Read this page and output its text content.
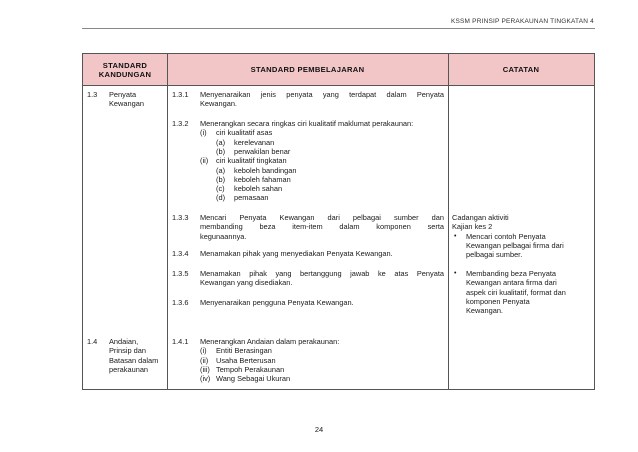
KSSM PRINSIP PERAKAUNAN TINGKATAN 4
STANDARD
KANDUNGAN
STANDARD PEMBELAJARAN	CATATAN
1.3 Penyata
Kewangan
1.4 Andaian,
Prinsip dan
Batasan dalam
perakaunan
1.3.1 Menyenaraikan jenis penyata yang terdapat dalam Penyata
Kewangan.
1.3.2 Menerangkan secara ringkas ciri kualitatif maklumat perakaunan:
(i) ciri kualitatif asas
(a) kerelevanan
(b) perwakilan benar
(ii) ciri kualitatif tingkatan
(a) keboleh bandingan
(b) keboleh fahaman
(c) keboleh sahan
(d) pemasaan
1.3.3 Mencari Penyata Kewangan dari pelbagai sumber dan
membanding beza item-item dalam komponen serta
kegunaannya.
1.3.4 Menamakan pihak yang menyediakan Penyata Kewangan.
1.3.5 Menamakan pihak yang bertanggung jawab ke atas Penyata
Kewangan yang disediakan.
1.3.6 Menyenaraikan pengguna Penyata Kewangan.
1.4.1 Menerangkan Andaian dalam perakaunan:
(i) Entiti Berasingan
(ii) Usaha Berterusan
(iii) Tempoh Perakaunan
(iv) Wang Sebagai Ukuran
Cadangan aktiviti
Kajian kes 2
• Mencari contoh Penyata
Kewangan pelbagai firma dari
pelbagai sumber.
• Membanding beza Penyata
Kewangan antara firma dari
aspek ciri kualitatif, format dan
komponen Penyata
Kewangan.
24
